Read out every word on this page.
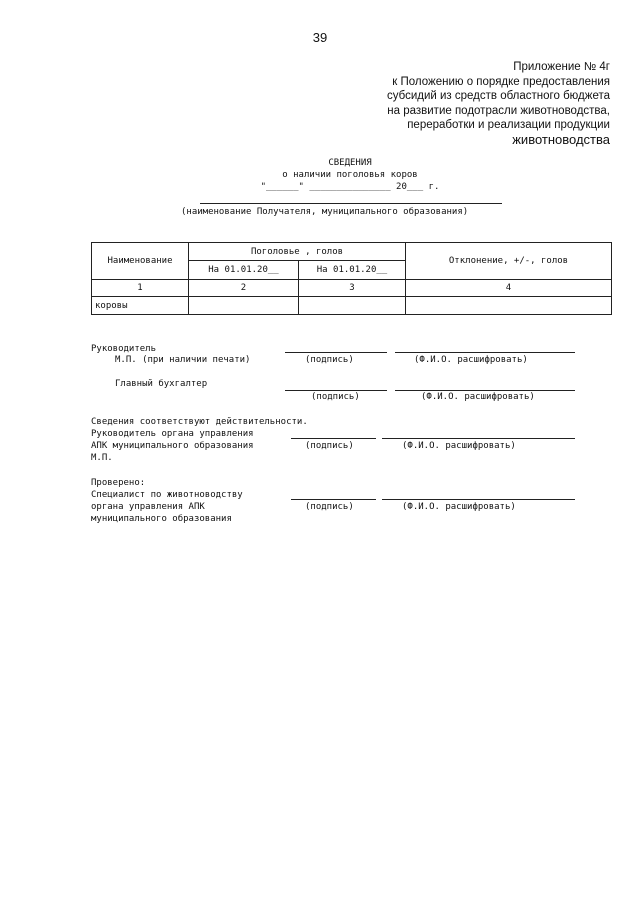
39
Приложение № 4г
к Положению о порядке предоставления
субсидий из средств областного бюджета
на развитие подотрасли животноводства,
переработки и реализации продукции
животноводства
СВЕДЕНИЯ
о наличии поголовья коров
"______" _______________ 20___ г.
(наименование Получателя, муниципального образования)
Наименование	Поголовье , голов		Отклонение, +/-, голов
	На 01.01.20__	На 01.01.20__	
1	2	3	4
коровы			
Руководитель
М.П. (при наличии печати)	(подпись)	(Ф.И.О. расшифровать)
Главный бухгалтер
(подпись)	(Ф.И.О. расшифровать)
Сведения соответствуют действительности.
Руководитель органа управления
АПК муниципального образования
М.П.
(подпись)	(Ф.И.О. расшифровать)
Проверено:
Специалист по животноводству
органа управления АПК
муниципального образования
(подпись)	(Ф.И.О. расшифровать)
